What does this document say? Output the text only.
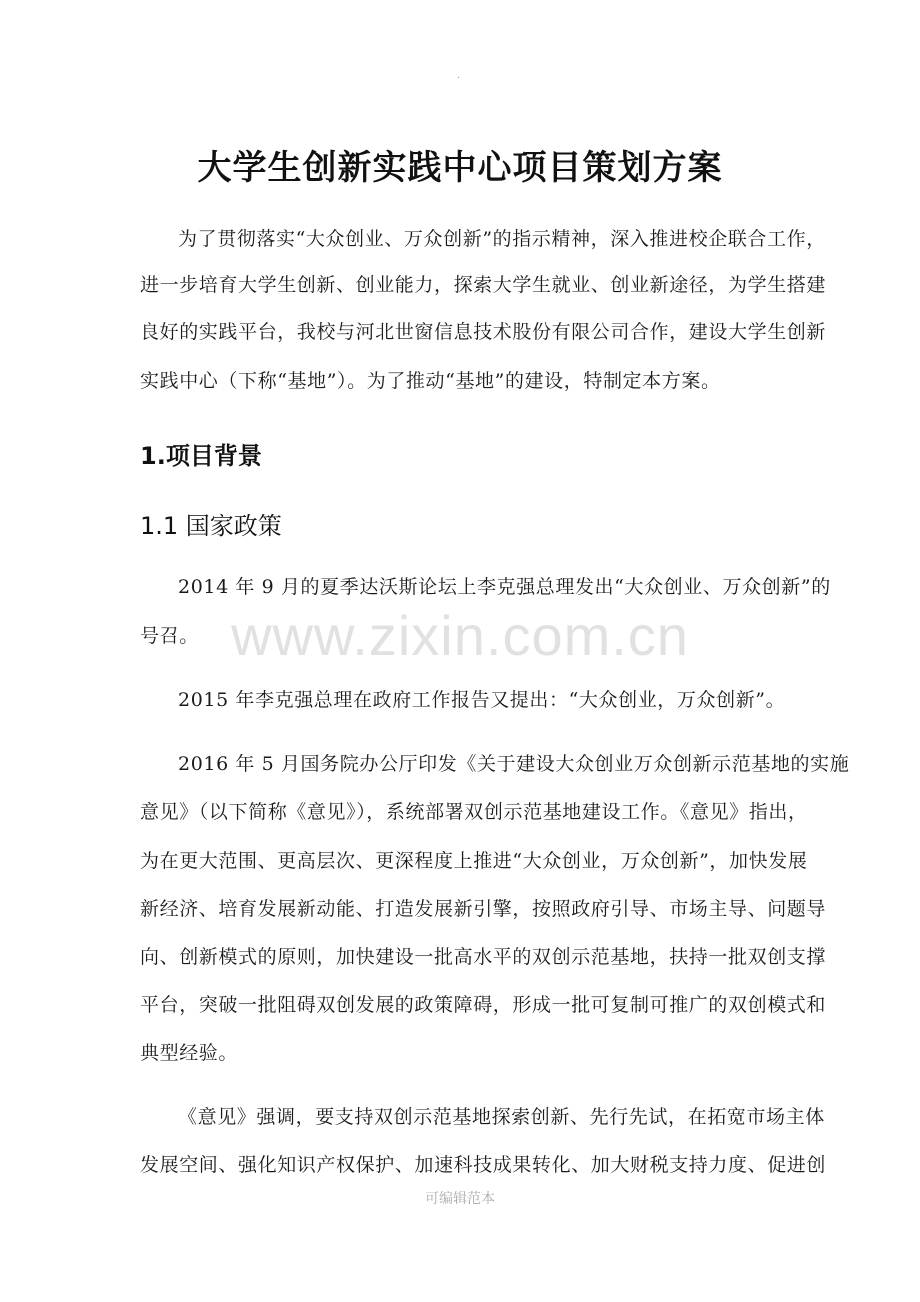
.
大学生创新实践中心项目策划方案
为了贯彻落实“大众创业、万众创新”的指示精神，深入推进校企联合工作，
进一步培育大学生创新、创业能力，探索大学生就业、创业新途径，为学生搭建
良好的实践平台，我校与河北世窗信息技术股份有限公司合作，建设大学生创新
实践中心（下称“基地”）。为了推动“基地”的建设，特制定本方案。
1.项目背景
1.1 国家政策
2014 年 9 月的夏季达沃斯论坛上李克强总理发出“大众创业、万众创新”的
号召。
2015 年李克强总理在政府工作报告又提出：“大众创业，万众创新”。
2016 年 5 月国务院办公厅印发《关于建设大众创业万众创新示范基地的实施
意见》（以下简称《意见》），系统部署双创示范基地建设工作。《意见》指出，
为在更大范围、更高层次、更深程度上推进“大众创业，万众创新”，加快发展
新经济、培育发展新动能、打造发展新引擎，按照政府引导、市场主导、问题导
向、创新模式的原则，加快建设一批高水平的双创示范基地，扶持一批双创支撑
平台，突破一批阻碍双创发展的政策障碍，形成一批可复制可推广的双创模式和
典型经验。
《意见》强调，要支持双创示范基地探索创新、先行先试，在拓宽市场主体
发展空间、强化知识产权保护、加速科技成果转化、加大财税支持力度、促进创
www.zixin.com.cn
可编辑范本
